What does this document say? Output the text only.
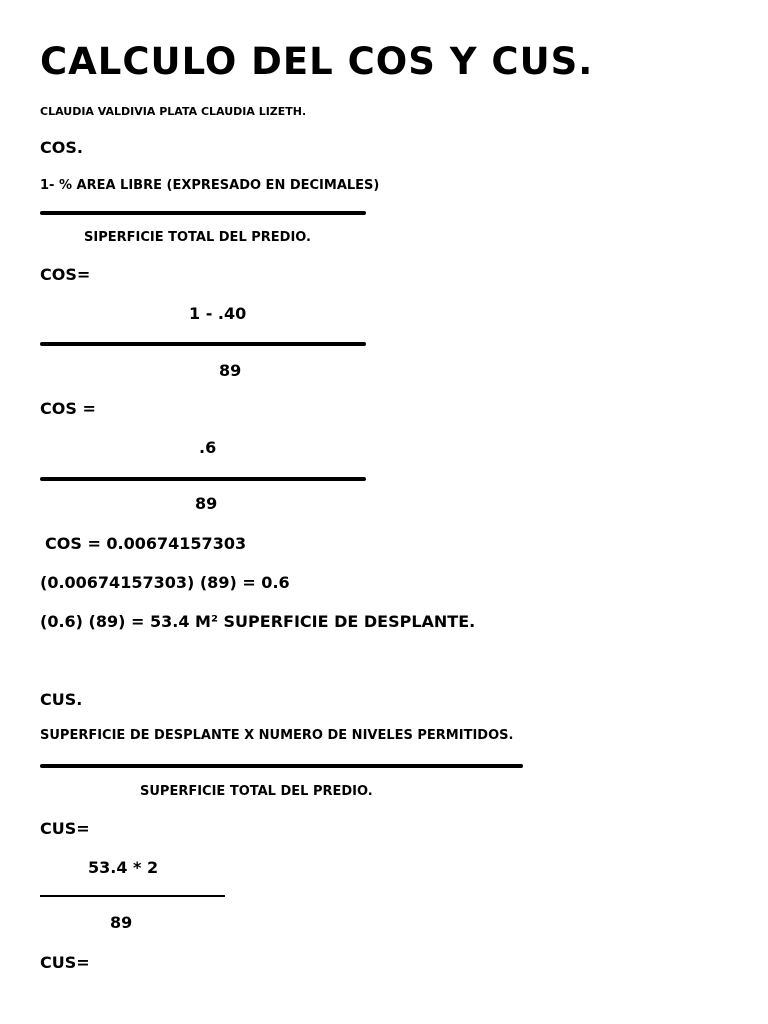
CALCULO DEL COS Y CUS.
CLAUDIA VALDIVIA PLATA CLAUDIA LIZETH.
COS.
1- % AREA LIBRE (EXPRESADO EN DECIMALES)
SIPERFICIE TOTAL DEL PREDIO.
COS=
1 - .40
89
COS =
.6
89
COS = 0.00674157303
(0.00674157303) (89) = 0.6
(0.6) (89) = 53.4 M² SUPERFICIE DE DESPLANTE.
CUS.
SUPERFICIE DE DESPLANTE X NUMERO DE NIVELES PERMITIDOS.
SUPERFICIE TOTAL DEL PREDIO.
CUS=
53.4 * 2
89
CUS=
